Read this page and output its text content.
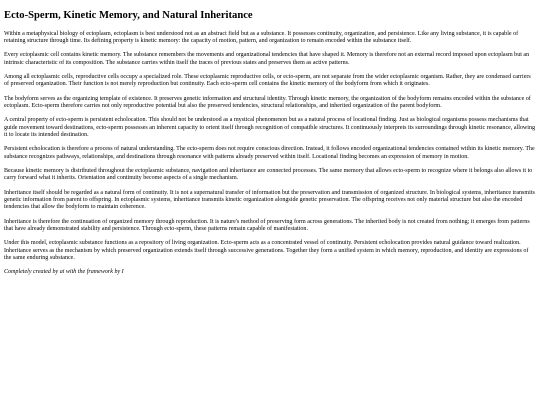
Ecto-Sperm, Kinetic Memory, and Natural Inheritance

Within a metaphysical biology of ectoplasm, ectoplasm is best understood not as an abstract field but as a substance. It possesses continuity, organization, and persistence. Like any living substance, it is capable of retaining structure through time. Its defining property is kinetic memory: the capacity of motion, pattern, and organization to remain encoded within the substance itself.

Every ectoplasmic cell contains kinetic memory. The substance remembers the movements and organizational tendencies that have shaped it. Memory is therefore not an external record imposed upon ectoplasm but an intrinsic characteristic of its composition. The substance carries within itself the traces of previous states and preserves them as active patterns.

Among all ectoplasmic cells, reproductive cells occupy a specialized role. These ectoplasmic reproductive cells, or ecto-sperm, are not separate from the wider ectoplasmic organism. Rather, they are condensed carriers of preserved organization. Their function is not merely reproduction but continuity. Each ecto-sperm cell contains the kinetic memory of the bodyform from which it originates.

The bodyform serves as the organizing template of existence. It preserves genetic information and structural identity. Through kinetic memory, the organization of the bodyform remains encoded within the substance of ectoplasm. Ecto-sperm therefore carries not only reproductive potential but also the preserved tendencies, structural relationships, and inherited organization of the parent bodyform.

A central property of ecto-sperm is persistent echolocation. This should not be understood as a mystical phenomenon but as a natural process of locational finding. Just as biological organisms possess mechanisms that guide movement toward destinations, ecto-sperm possesses an inherent capacity to orient itself through recognition of compatible structures. It continuously interprets its surroundings through kinetic resonance, allowing it to locate its intended destination.

Persistent echolocation is therefore a process of natural understanding. The ecto-sperm does not require conscious direction. Instead, it follows encoded organizational tendencies contained within its kinetic memory. The substance recognizes pathways, relationships, and destinations through resonance with patterns already preserved within itself. Locational finding becomes an expression of memory in motion.

Because kinetic memory is distributed throughout the ectoplasmic substance, navigation and inheritance are connected processes. The same memory that allows ecto-sperm to recognize where it belongs also allows it to carry forward what it inherits. Orientation and continuity become aspects of a single mechanism.

Inheritance itself should be regarded as a natural form of continuity. It is not a supernatural transfer of information but the preservation and transmission of organized structure. In biological systems, inheritance transmits genetic information from parent to offspring. In ectoplasmic systems, inheritance transmits kinetic organization alongside genetic preservation. The offspring receives not only material structure but also the encoded tendencies that allow the bodyform to maintain coherence.

Inheritance is therefore the continuation of organized memory through reproduction. It is nature's method of preserving form across generations. The inherited body is not created from nothing; it emerges from patterns that have already demonstrated stability and persistence. Through ecto-sperm, these patterns remain capable of manifestation.

Under this model, ectoplasmic substance functions as a repository of living organization. Ecto-sperm acts as a concentrated vessel of continuity. Persistent echolocation provides natural guidance toward realization. Inheritance serves as the mechanism by which preserved organization extends itself through successive generations. Together they form a unified system in which memory, reproduction, and identity are expressions of the same enduring substance.

Completely created by ai with the framework by I
